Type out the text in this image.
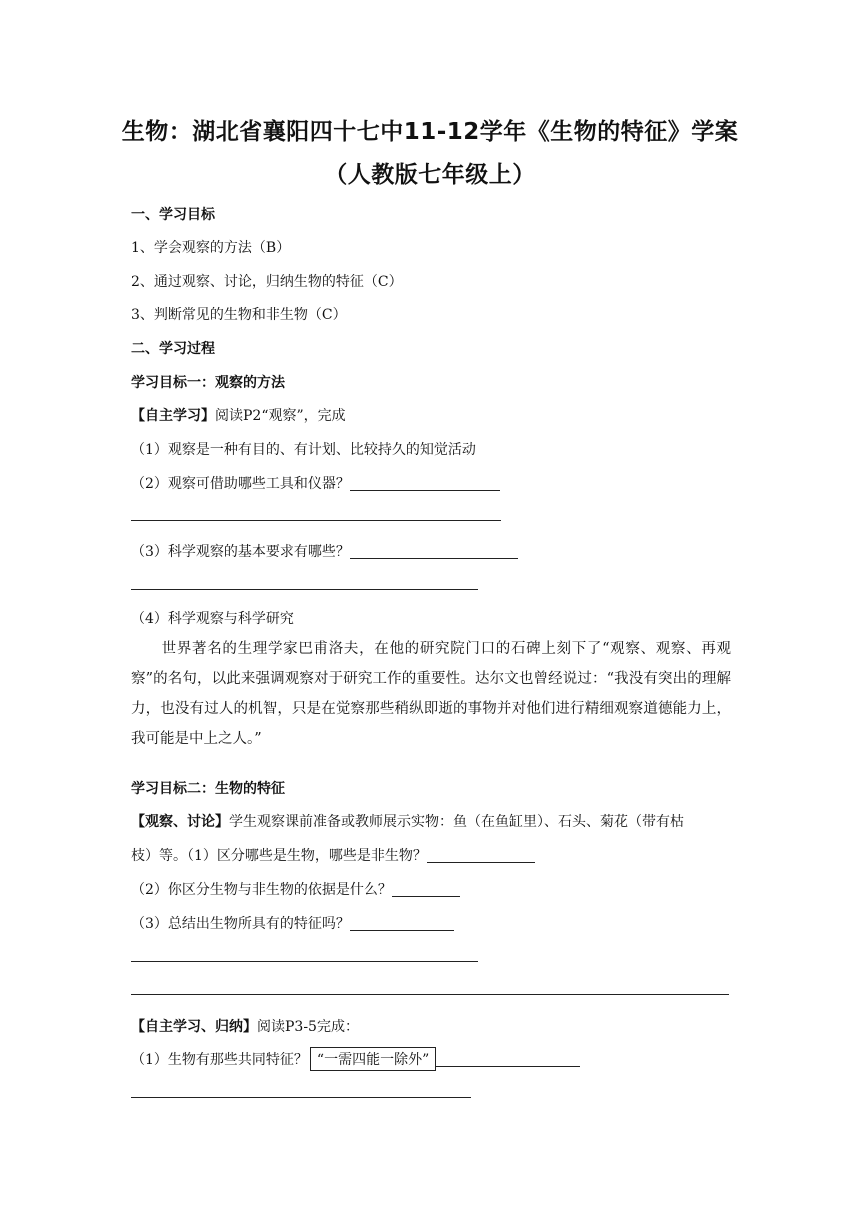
生物：湖北省襄阳四十七中11-12学年《生物的特征》学案
（人教版七年级上）
一、学习目标
1、学会观察的方法（B）
2、通过观察、讨论，归纳生物的特征（C）
3、判断常见的生物和非生物（C）
二、学习过程
学习目标一：观察的方法
【自主学习】阅读P2“观察”，完成
（1）观察是一种有目的、有计划、比较持久的知觉活动
（2）观察可借助哪些工具和仪器？
（3）科学观察的基本要求有哪些？
（4）科学观察与科学研究
世界著名的生理学家巴甫洛夫，在他的研究院门口的石碑上刻下了“观察、观察、再观察”的名句，以此来强调观察对于研究工作的重要性。达尔文也曾经说过：“我没有突出的理解力，也没有过人的机智，只是在觉察那些稍纵即逝的事物并对他们进行精细观察道德能力上，我可能是中上之人。”
学习目标二：生物的特征
【观察、讨论】学生观察课前准备或教师展示实物：鱼（在鱼缸里）、石头、菊花（带有枯
枝）等。（1）区分哪些是生物，哪些是非生物？
（2）你区分生物与非生物的依据是什么？
（3）总结出生物所具有的特征吗？
【自主学习、归纳】阅读P3-5完成：
（1）生物有那些共同特征？ “一需四能一除外”
